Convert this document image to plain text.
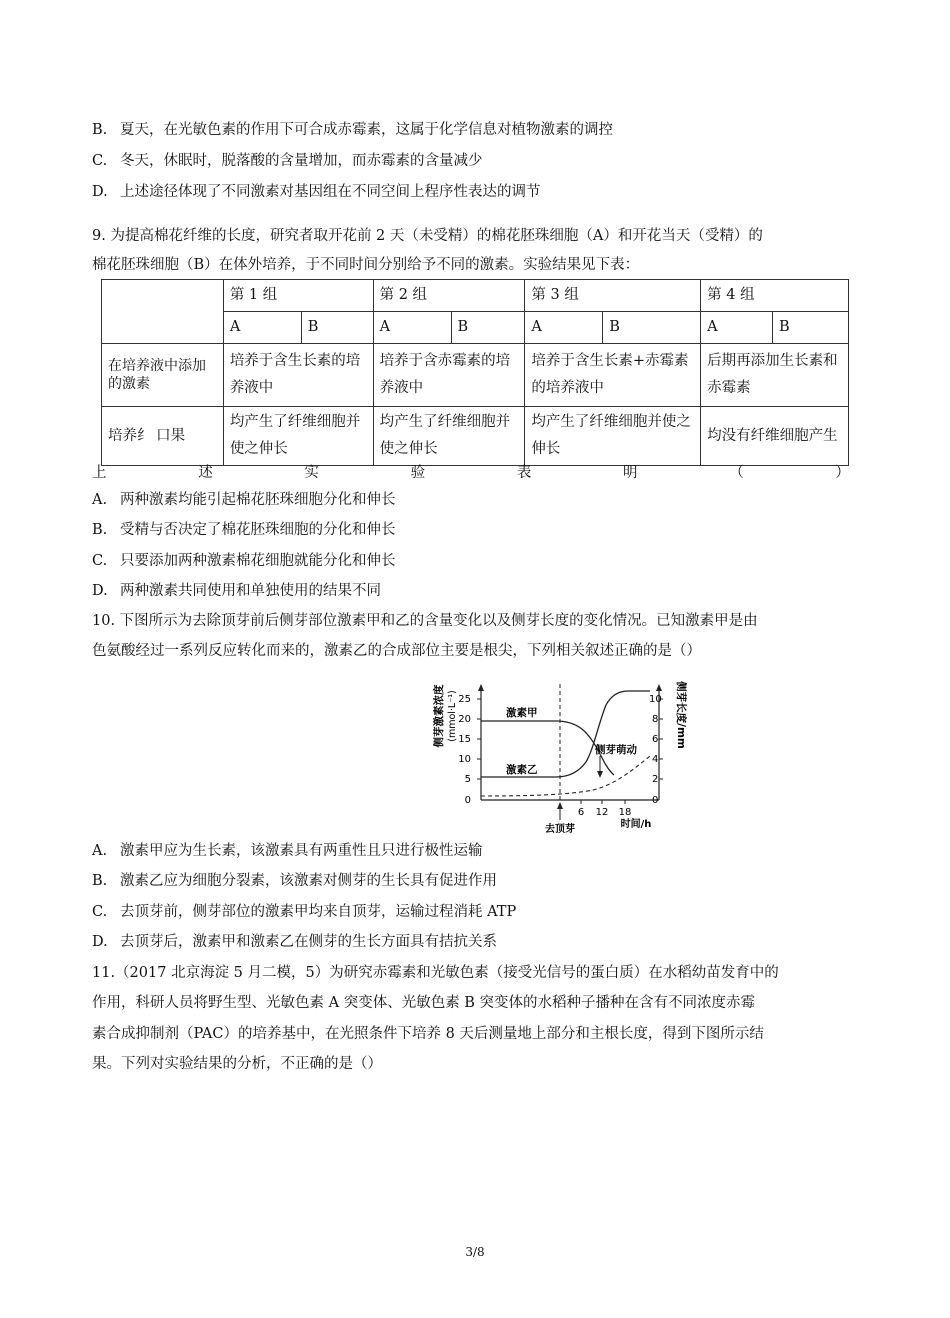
B. 夏天，在光敏色素的作用下可合成赤霉素，这属于化学信息对植物激素的调控
C. 冬天，休眠时，脱落酸的含量增加，而赤霉素的含量减少
D. 上述途径体现了不同激素对基因组在不同空间上程序性表达的调节
9. 为提高棉花纤维的长度，研究者取开花前 2 天（未受精）的棉花胚珠细胞（A）和开花当天（受精）的
棉花胚珠细胞（B）在体外培养，于不同时间分别给予不同的激素。实验结果见下表：
	第 1 组		第 2 组		第 3 组		第 4 组	
	A	B	A	B	A	B	A	B
在培养液中添加的激素	培养于含生长素的培养液中		培养于含赤霉素的培养液中		培养于含生长素+赤霉素的培养液中		后期再添加生长素和赤霉素	
培养纟 口果	均产生了纤维细胞并使之伸长		均产生了纤维细胞并使之伸长		均产生了纤维细胞并使之伸长		均没有纤维细胞产生	
上	述	实	验	表	明	（	）
A. 两种激素均能引起棉花胚珠细胞分化和伸长
B. 受精与否决定了棉花胚珠细胞的分化和伸长
C. 只要添加两种激素棉花细胞就能分化和伸长
D. 两种激素共同使用和单独使用的结果不同
10. 下图所示为去除顶芽前后侧芽部位激素甲和乙的含量变化以及侧芽长度的变化情况。已知激素甲是由
色氨酸经过一系列反应转化而来的，激素乙的合成部位主要是根尖，下列相关叙述正确的是（）
侧芽激素浓度 (mmol·L⁻¹)	侧芽长度/mm
0
5
10
15
20
25
0
2
4
6
8
10
6 12 18
时间/h
去顶芽
激素甲
激素乙
侧芽萌动
A. 激素甲应为生长素，该激素具有两重性且只进行极性运输
B. 激素乙应为细胞分裂素，该激素对侧芽的生长具有促进作用
C. 去顶芽前，侧芽部位的激素甲均来自顶芽，运输过程消耗 ATP
D. 去顶芽后，激素甲和激素乙在侧芽的生长方面具有拮抗关系
11.（2017 北京海淀 5 月二模，5）为研究赤霉素和光敏色素（接受光信号的蛋白质）在水稻幼苗发育中的
作用，科研人员将野生型、光敏色素 A 突变体、光敏色素 B 突变体的水稻种子播种在含有不同浓度赤霉
素合成抑制剂（PAC）的培养基中，在光照条件下培养 8 天后测量地上部分和主根长度，得到下图所示结
果。下列对实验结果的分析，不正确的是（）
3/8
